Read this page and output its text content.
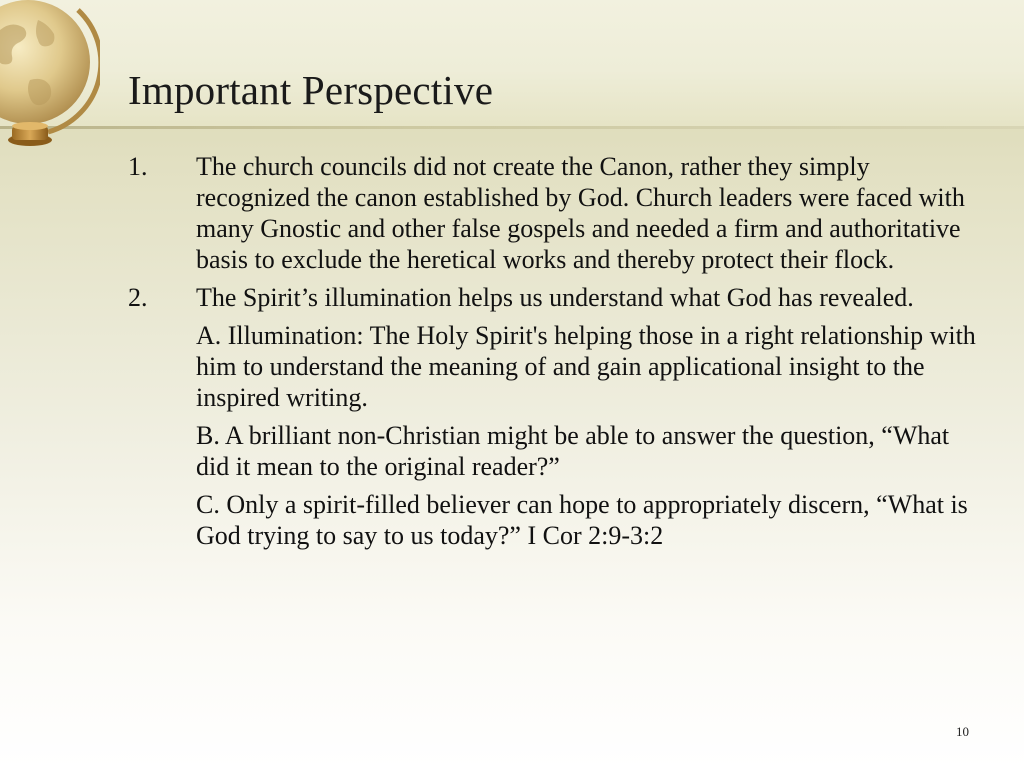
Important Perspective
1. The church councils did not create the Canon, rather they simply recognized the canon established by God. Church leaders were faced with many Gnostic and other false gospels and needed a firm and authoritative basis to exclude the heretical works and thereby protect their flock.
2. The Spirit’s illumination helps us understand what God has revealed.
A. Illumination: The Holy Spirit's helping those in a right relationship with him to understand the meaning of and gain applicational insight to the inspired writing.
B. A brilliant non-Christian might be able to answer the question, “What did it mean to the original reader?”
C. Only a spirit-filled believer can hope to appropriately discern, “What is God trying to say to us today?” I Cor 2:9-3:2
10
